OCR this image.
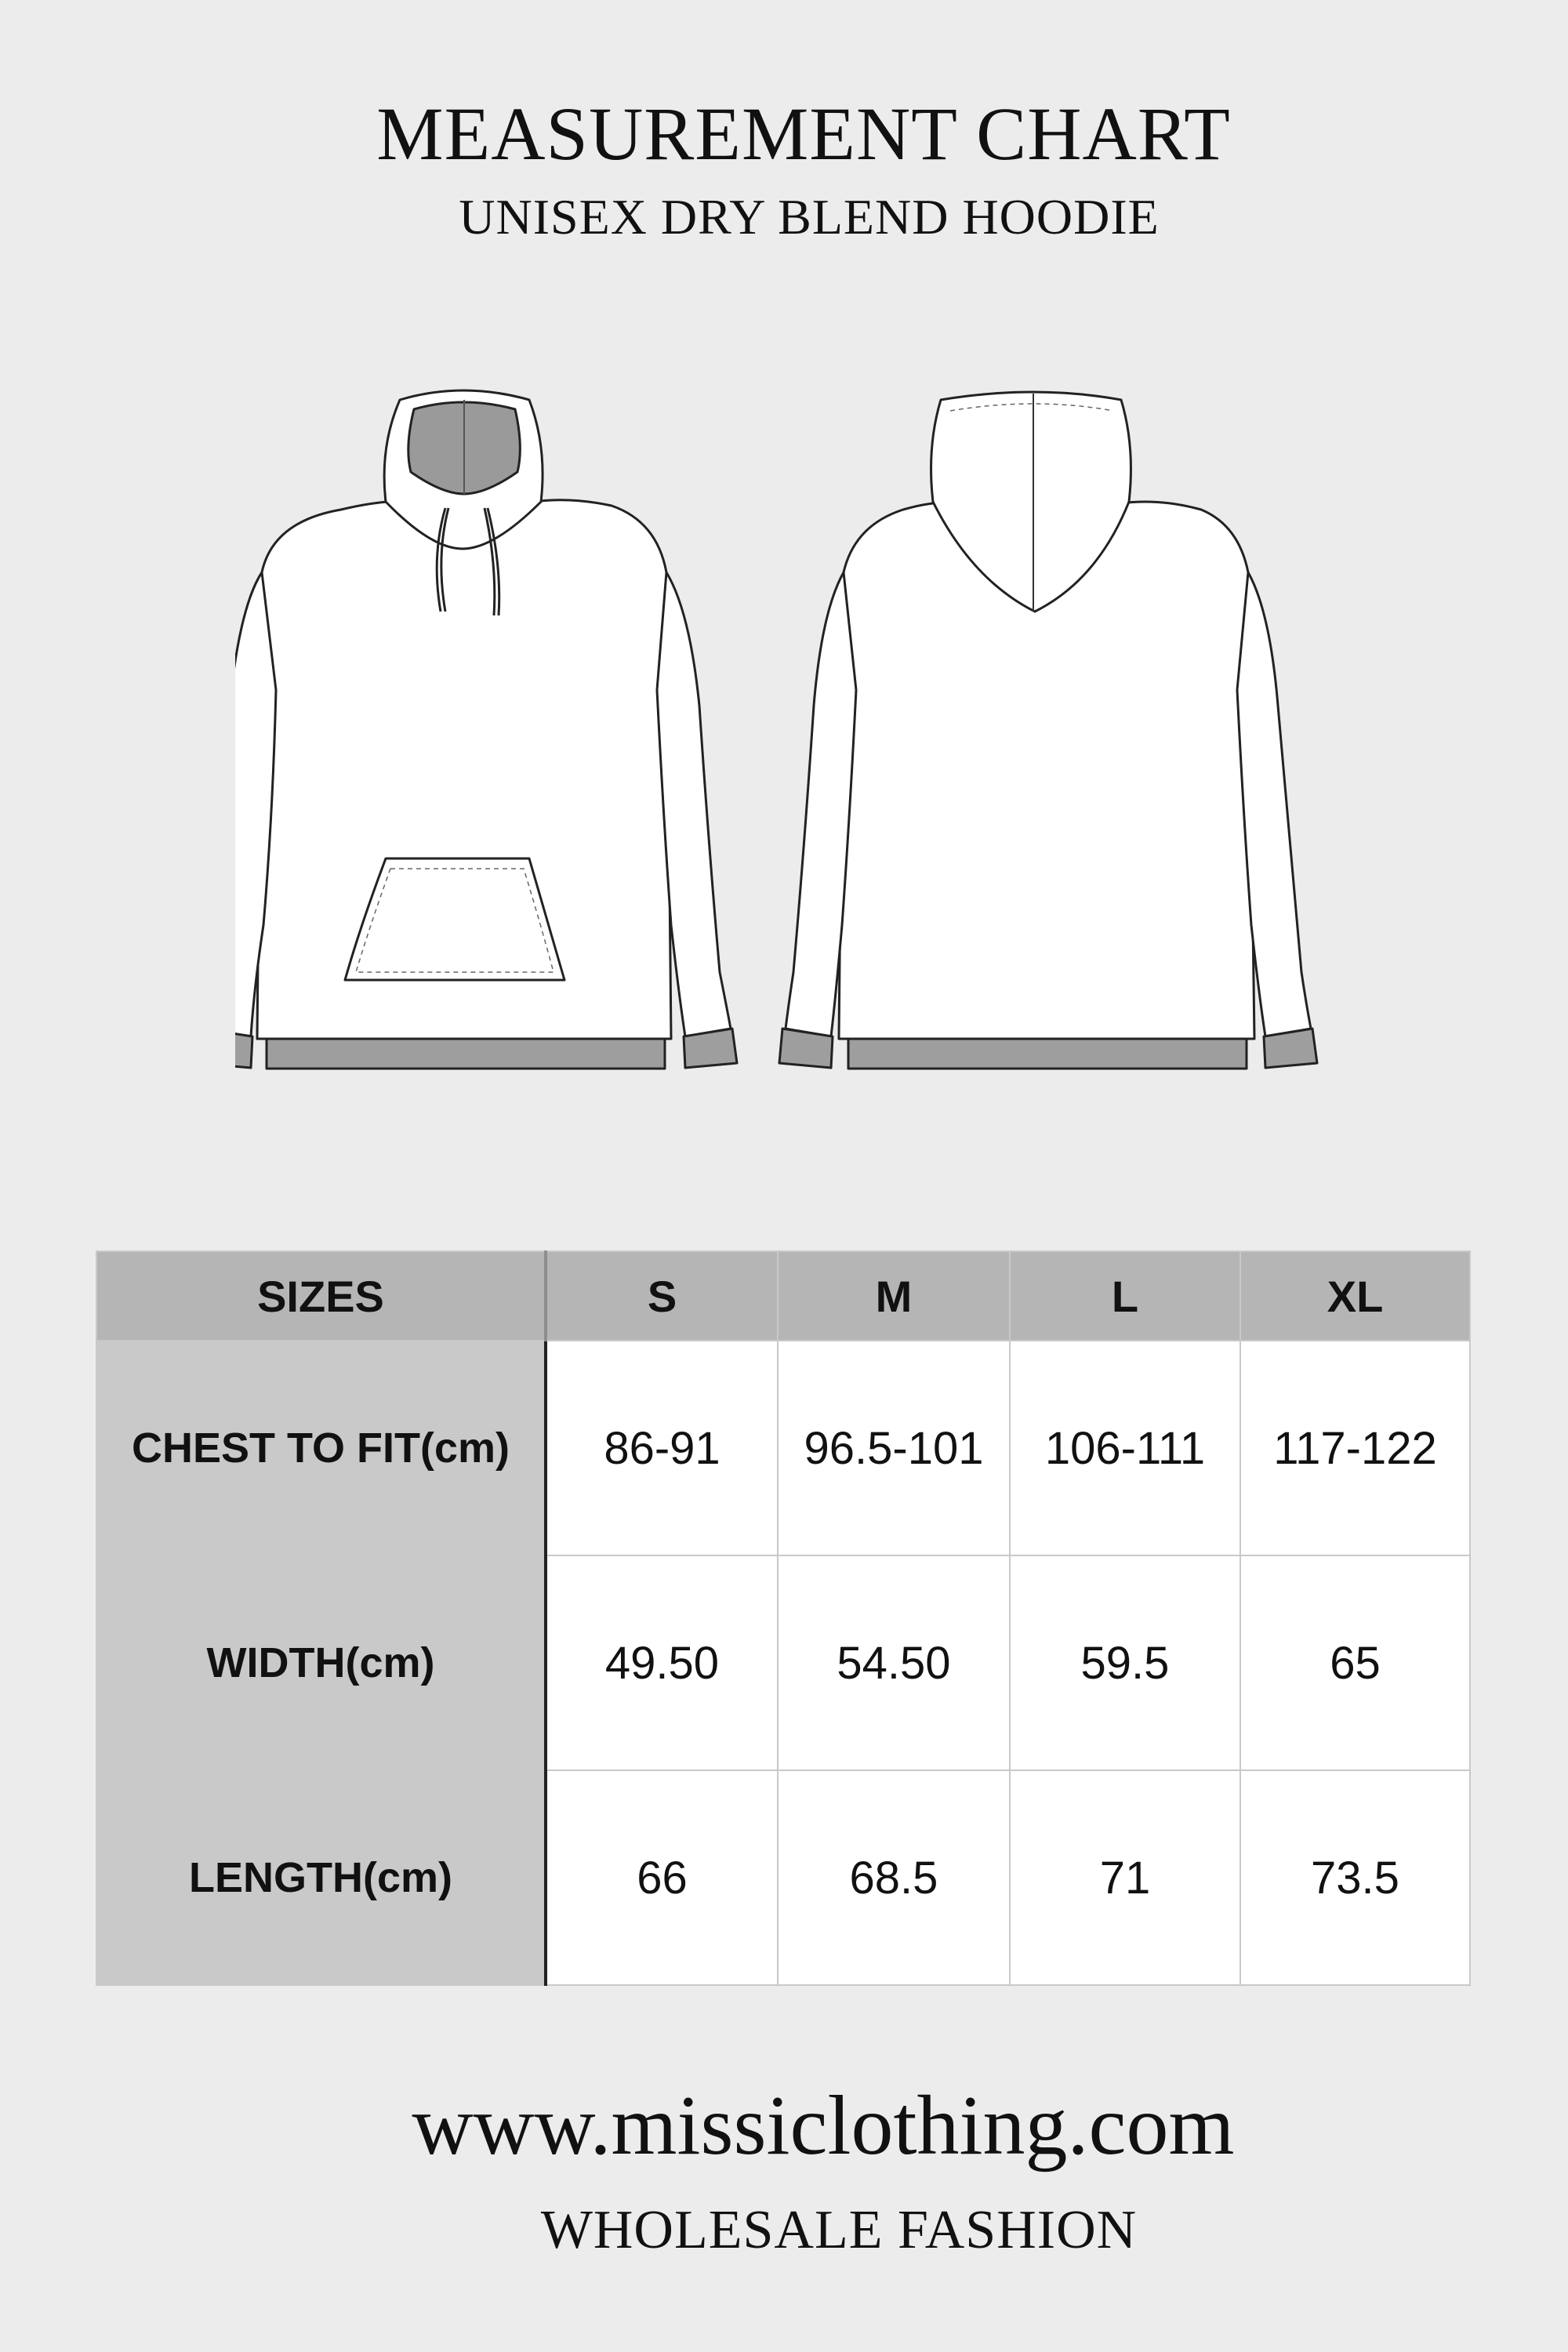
MEASUREMENT CHART
UNISEX DRY BLEND HOODIE
SIZES	S	M	L	XL
CHEST TO FIT(cm)	86-91	96.5-101	106-111	117-122
WIDTH(cm)	49.50	54.50	59.5	65
LENGTH(cm)	66	68.5	71	73.5
www.missiclothing.com
WHOLESALE FASHION
